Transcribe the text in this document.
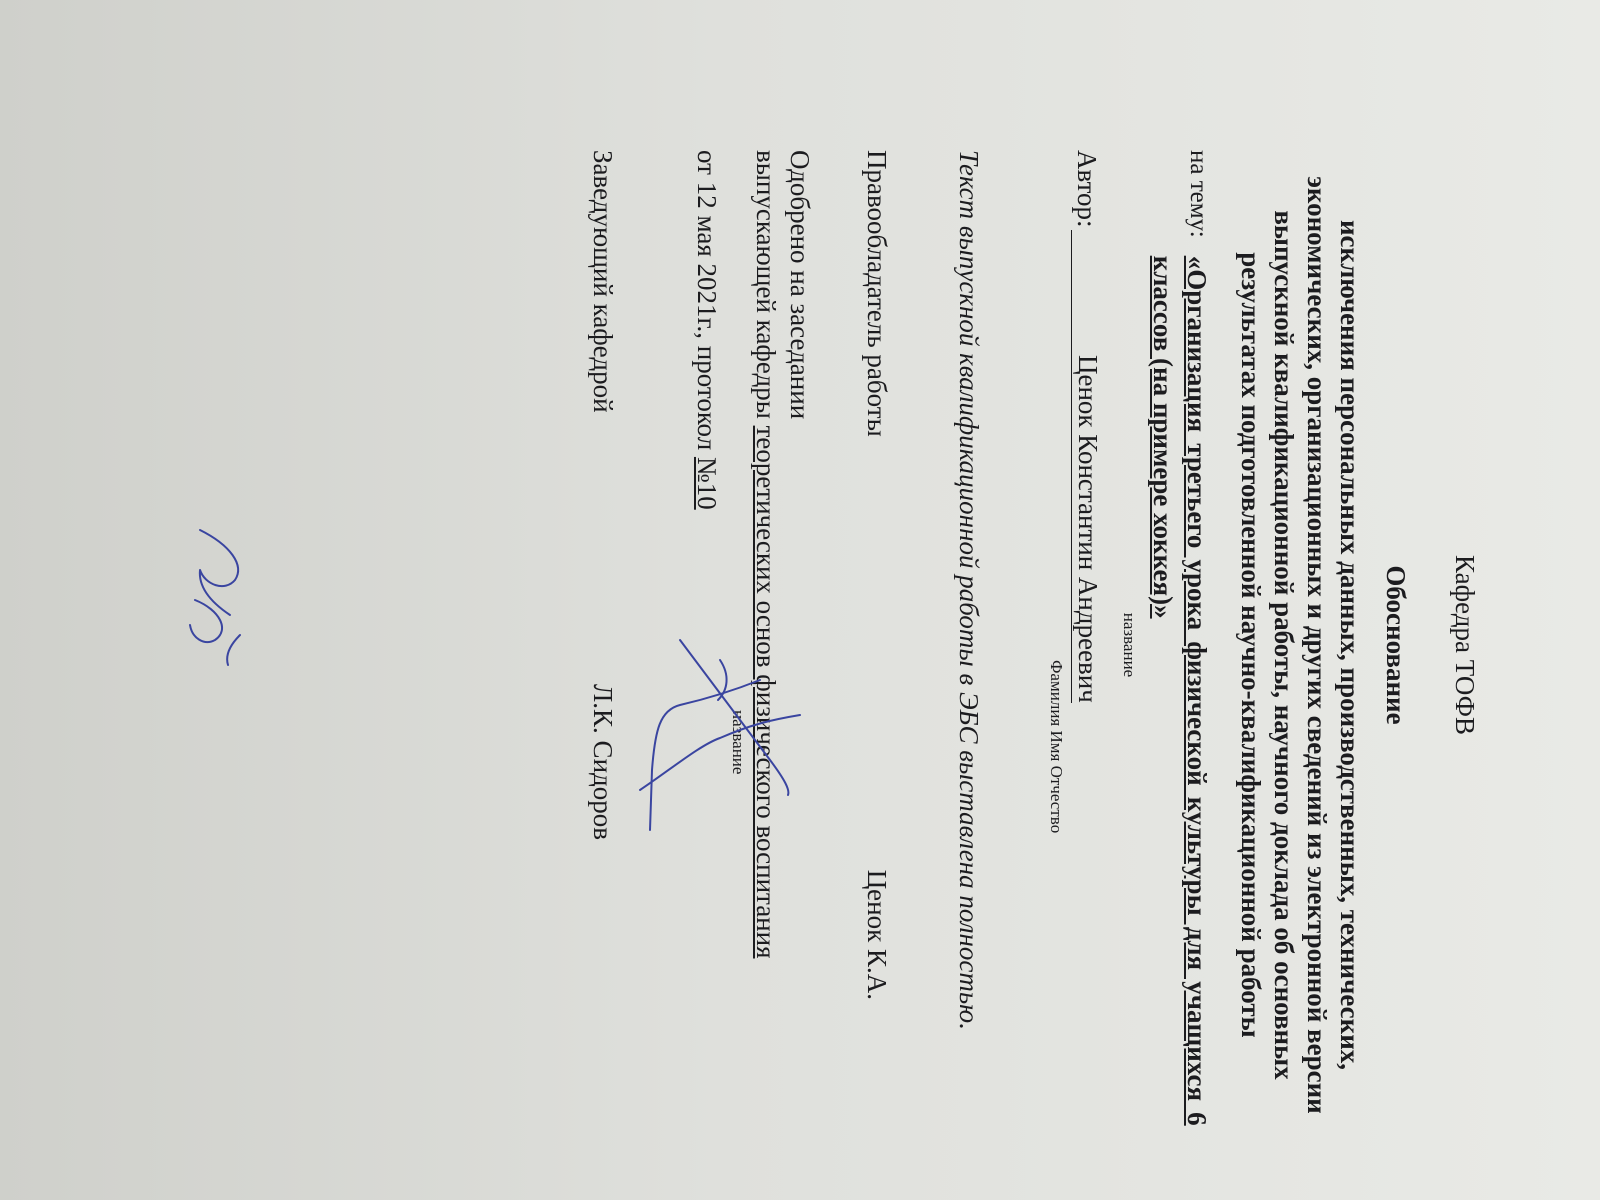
Кафедра ТОФВ
Обоснование
исключения персональных данных, производственных, технических, экономических, организационных и других сведений из электронной версии выпускной квалификационной работы, научного доклада об основных результатах подготовленной научно-квалификационной работы
на тему:
«Организация третьего урока физической культуры для учащихся 6 классов (на примере хоккея)»
название
Автор:
Ценок Константин Андреевич
Фамилия Имя Отчество
Текст выпускной квалификационной работы в ЭБС выставлена полностью.
Правообладатель работы
Ценок К.А.
Одобрено на заседании
выпускающей кафедры теоретических основ физического воспитания
название
от 12 мая 2021г., протокол №10
Заведующий кафедрой
Л.К. Сидоров
